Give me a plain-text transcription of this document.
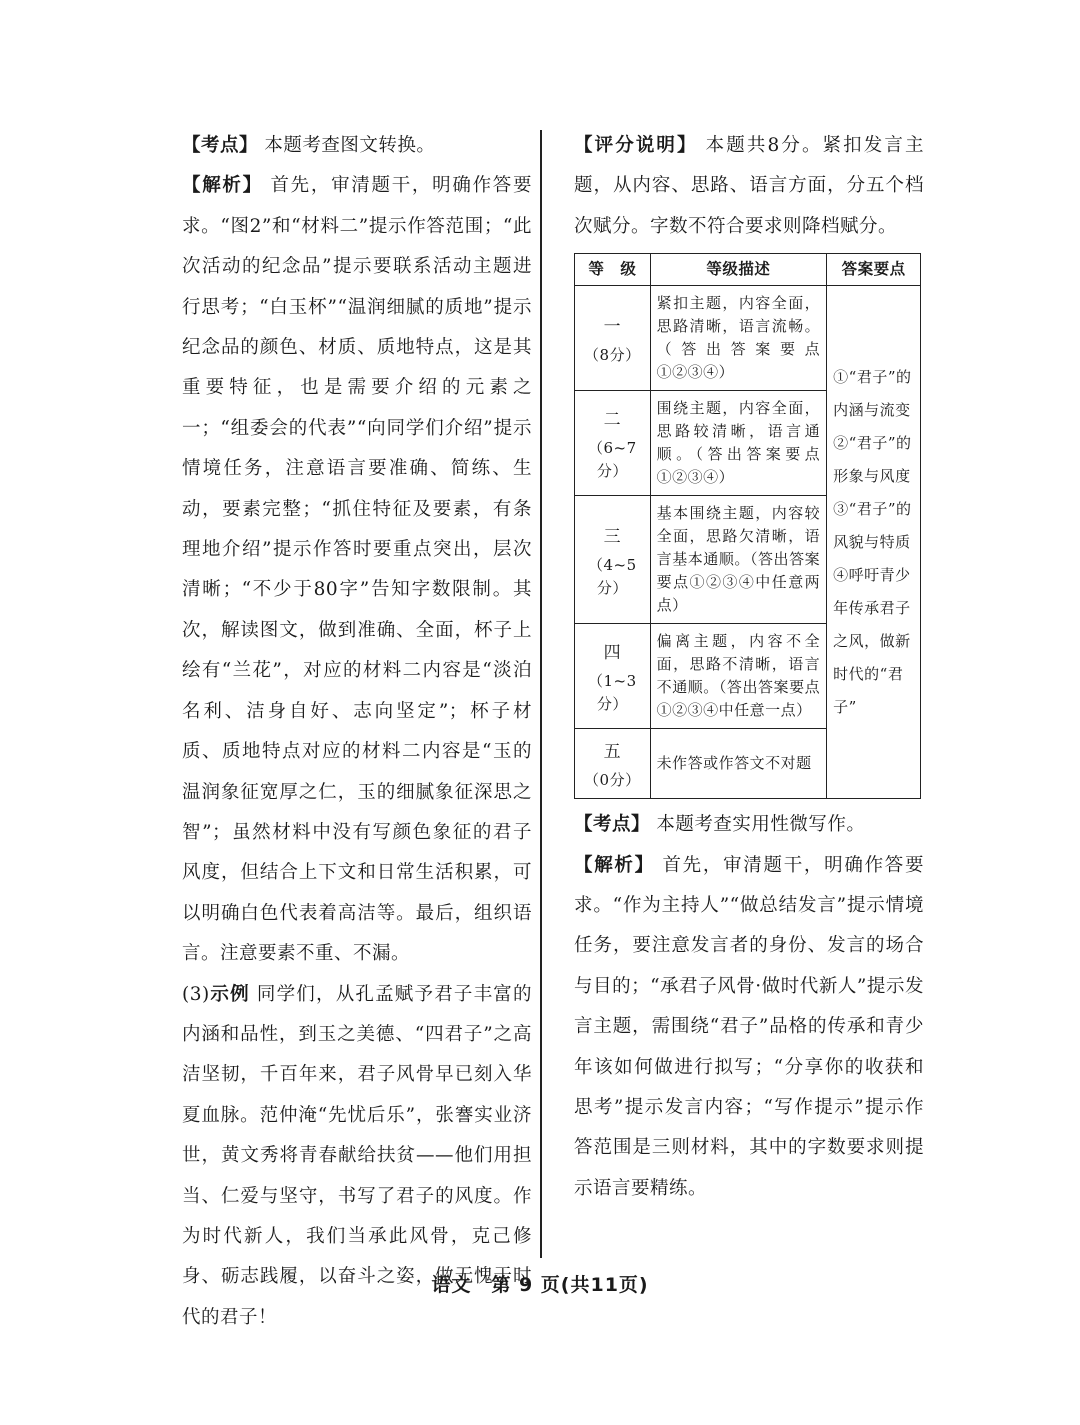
【考点】 本题考查图文转换。

【解析】 首先，审清题干，明确作答要求。“图2”和“材料二”提示作答范围；“此次活动的纪念品”提示要联系活动主题进行思考；“白玉杯”“温润细腻的质地”提示纪念品的颜色、材质、质地特点，这是其重要特征，也是需要介绍的元素之一；“组委会的代表”“向同学们介绍”提示情境任务，注意语言要准确、简练、生动，要素完整；“抓住特征及要素，有条理地介绍”提示作答时要重点突出，层次清晰；“不少于80字”告知字数限制。其次，解读图文，做到准确、全面，杯子上绘有“兰花”，对应的材料二内容是“淡泊名利、洁身自好、志向坚定”；杯子材质、质地特点对应的材料二内容是“玉的温润象征宽厚之仁，玉的细腻象征深思之智”；虽然材料中没有写颜色象征的君子风度，但结合上下文和日常生活积累，可以明确白色代表着高洁等。最后，组织语言。注意要素不重、不漏。

(3)示例 同学们，从孔孟赋予君子丰富的内涵和品性，到玉之美德、“四君子”之高洁坚韧，千百年来，君子风骨早已刻入华夏血脉。范仲淹“先忧后乐”，张謇实业济世，黄文秀将青春献给扶贫——他们用担当、仁爱与坚守，书写了君子的风度。作为时代新人，我们当承此风骨，克己修身、砺志践履，以奋斗之姿，做无愧于时代的君子！

【评分说明】 本题共8分。紧扣发言主题，从内容、思路、语言方面，分五个档次赋分。字数不符合要求则降档赋分。

等　级	等级描述	答案要点

一
（8分）	紧扣主题，内容全面，思路清晰，语言流畅。（答出答案要点①②③④）	①“君子”的内涵与流变②“君子”的形象与风度③“君子”的风貌与特质④呼吁青少年传承君子之风，做新时代的“君子”

二
（6~7分）	围绕主题，内容全面，思路较清晰，语言通顺。（答出答案要点①②③④）	

三
（4~5分）	基本围绕主题，内容较全面，思路欠清晰，语言基本通顺。（答出答案要点①②③④中任意两点）	

四
（1~3分）	偏离主题，内容不全面，思路不清晰，语言不通顺。（答出答案要点①②③④中任意一点）	

五
（0分）	未作答或作答文不对题	

【考点】 本题考查实用性微写作。

【解析】 首先，审清题干，明确作答要求。“作为主持人”“做总结发言”提示情境任务，要注意发言者的身份、发言的场合与目的；“承君子风骨·做时代新人”提示发言主题，需围绕“君子”品格的传承和青少年该如何做进行拟写；“分享你的收获和思考”提示发言内容；“写作提示”提示作答范围是三则材料，其中的字数要求则提示语言要精练。

语文　第 9 页(共11页)
